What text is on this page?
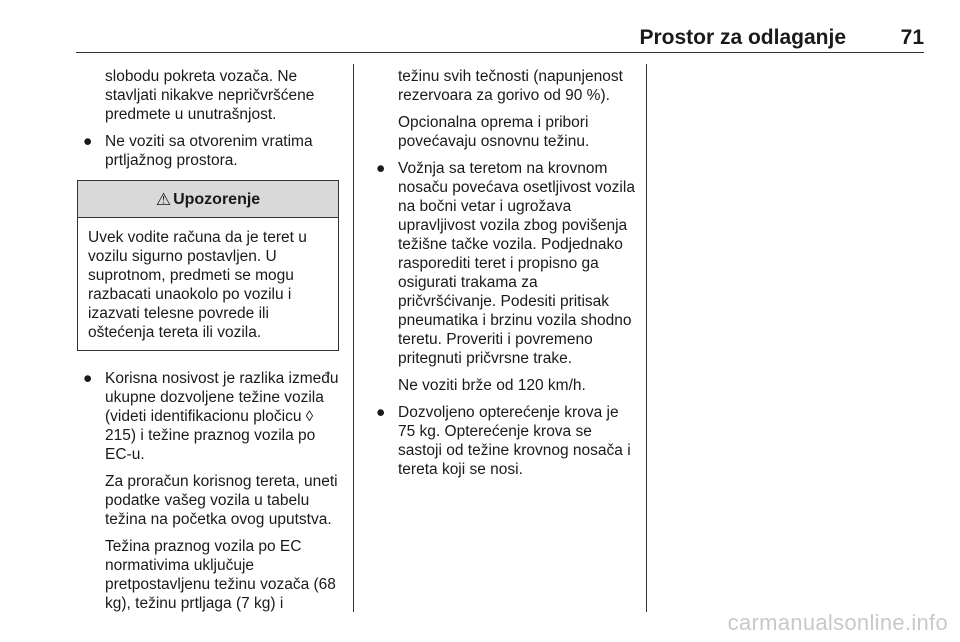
Prostor za odlaganje	71

slobodu pokreta vozača. Ne stavljati nikakve nepričvršćene predmete u unutrašnjost.

● Ne voziti sa otvorenim vratima prtljažnog prostora.
⚠ Upozorenje
Uvek vodite računa da je teret u vozilu sigurno postavljen. U suprotnom, predmeti se mogu razbacati unaokolo po vozilu i izazvati telesne povrede ili oštećenja tereta ili vozila.
● Korisna nosivost je razlika između ukupne dozvoljene težine vozila (videti identifikacionu pločicu ◊ 215) i težine praznog vozila po EC-u.

Za proračun korisnog tereta, uneti podatke vašeg vozila u tabelu težina na početka ovog uputstva.

Težina praznog vozila po EC normativima uključuje pretpostavljenu težinu vozača (68 kg), težinu prtljaga (7 kg) i

težinu svih tečnosti (napunjenost rezervoara za gorivo od 90 %).

Opcionalna oprema i pribori povećavaju osnovnu težinu.

● Vožnja sa teretom na krovnom nosaču povećava osetljivost vozila na bočni vetar i ugrožava upravljivost vozila zbog povišenja težišne tačke vozila. Podjednako rasporediti teret i propisno ga osigurati trakama za pričvršćivanje. Podesiti pritisak pneumatika i brzinu vozila shodno teretu. Proveriti i povremeno pritegnuti pričvrsne trake.

Ne voziti brže od 120 km/h.

● Dozvoljeno opterećenje krova je 75 kg. Opterećenje krova se sastoji od težine krovnog nosača i tereta koji se nosi.
carmanualsonline.info
